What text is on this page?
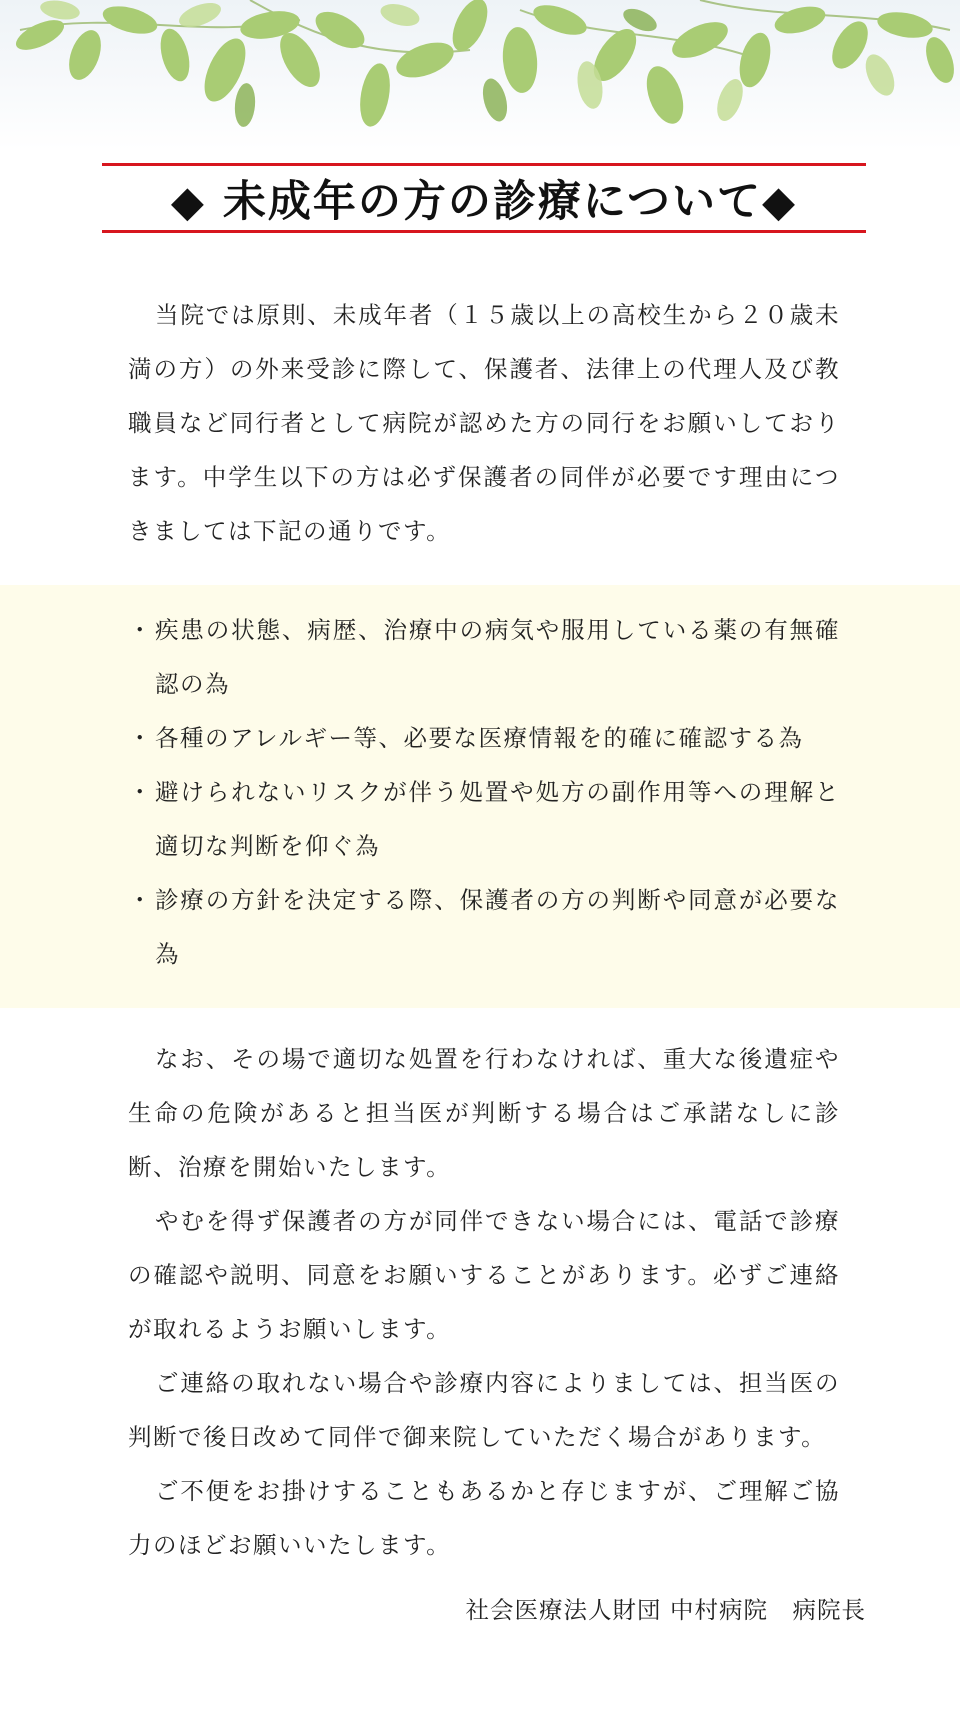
◆ 未成年の方の診療について◆

当院では原則、未成年者（１５歳以上の高校生から２０歳未満の方）の外来受診に際して、保護者、法律上の代理人及び教職員など同行者として病院が認めた方の同行をお願いしております。中学生以下の方は必ず保護者の同伴が必要です理由につきましては下記の通りです。

・ 疾患の状態、病歴、治療中の病気や服用している薬の有無確認の為
・ 各種のアレルギー等、必要な医療情報を的確に確認する為
・ 避けられないリスクが伴う処置や処方の副作用等への理解と適切な判断を仰ぐ為
・ 診療の方針を決定する際、保護者の方の判断や同意が必要な為

なお、その場で適切な処置を行わなければ、重大な後遺症や生命の危険があると担当医が判断する場合はご承諾なしに診断、治療を開始いたします。

やむを得ず保護者の方が同伴できない場合には、電話で診療の確認や説明、同意をお願いすることがあります。必ずご連絡が取れるようお願いします。

ご連絡の取れない場合や診療内容によりましては、担当医の判断で後日改めて同伴で御来院していただく場合があります。

ご不便をお掛けすることもあるかと存じますが、ご理解ご協力のほどお願いいたします。

社会医療法人財団 中村病院　病院長
